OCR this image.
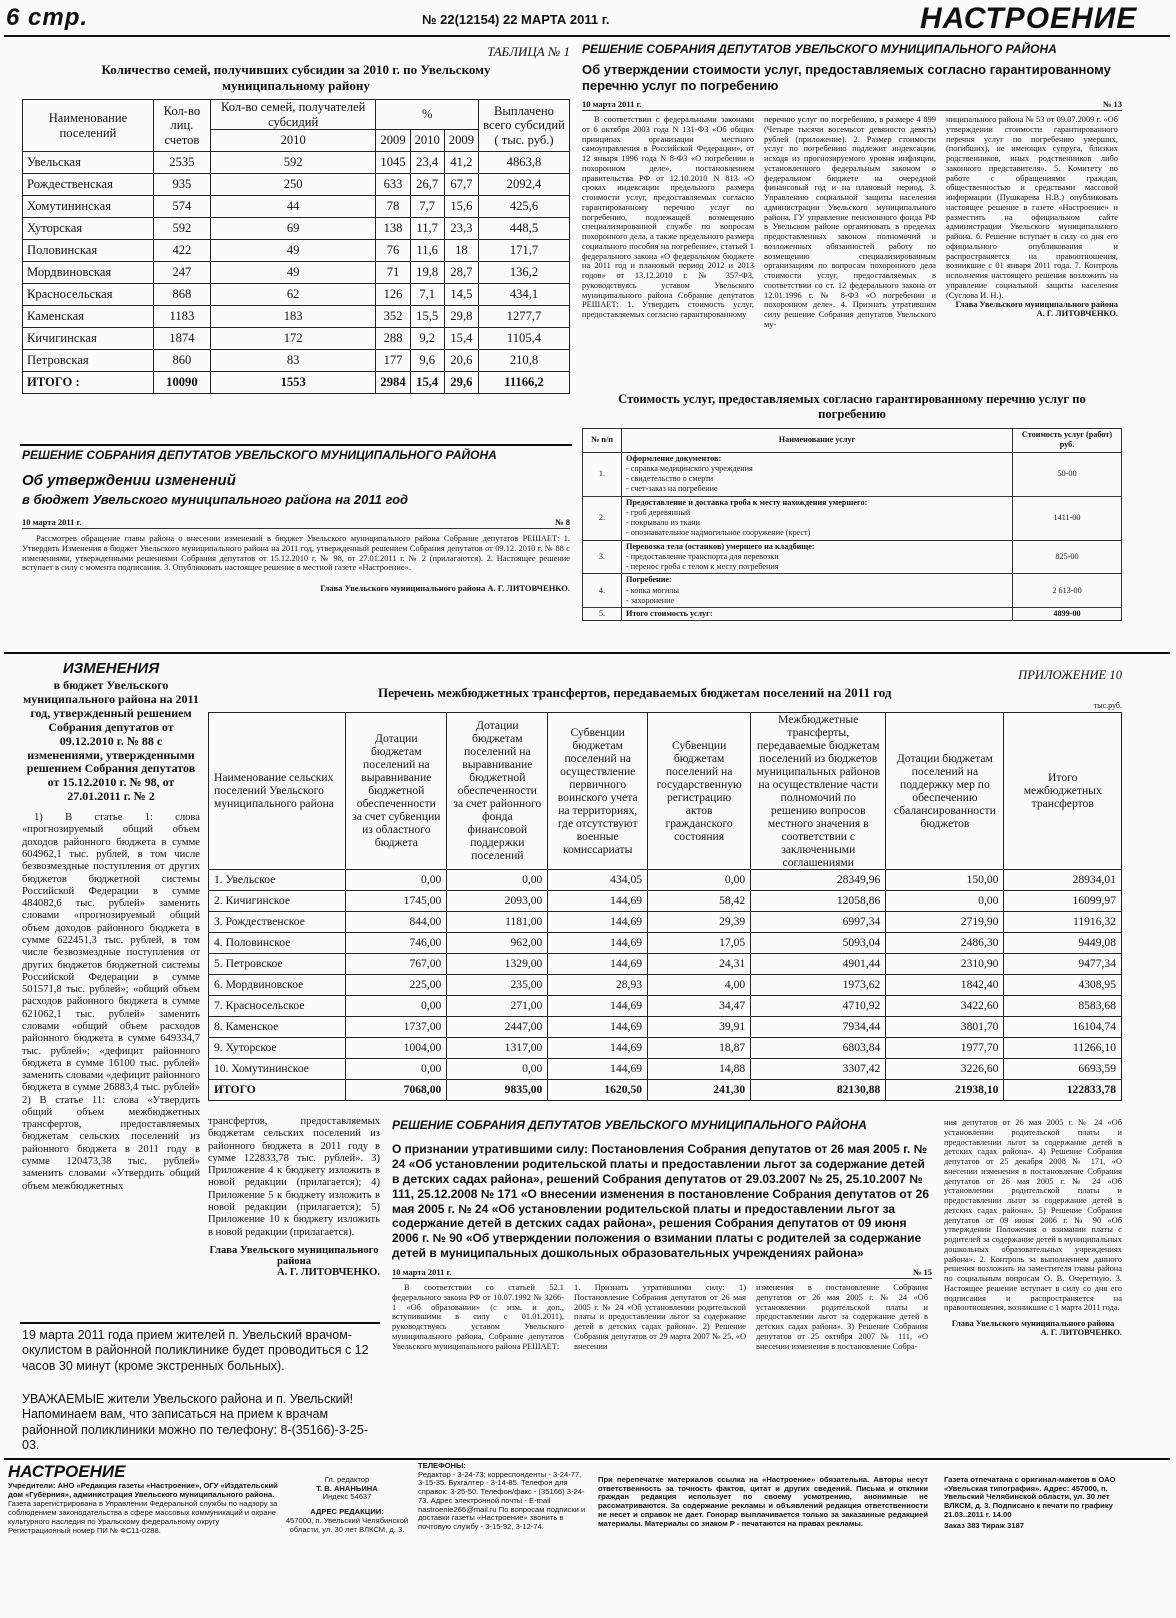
6 стр.	№ 22(12154) 22 МАРТА 2011 г.	НАСТРОЕНИЕ
ТАБЛИЦА № 1
Количество семей, получивших субсидии за 2010 г. по Увельскому муниципальному району
Наименование поселений	Кол-во лиц. счетов	Кол-во семей, получателей субсидий	%			Выплачено всего субсидий ( тыс. руб.)
		2010	2009	2010	2009	
Увельская	2535	592	1045	23,4	41,2	4863,8
Рождественская	935	250	633	26,7	67,7	2092,4
Хомутининская	574	44	78	7,7	15,6	425,6
Хуторская	592	69	138	11,7	23,3	448,5
Половинская	422	49	76	11,6	18	171,7
Мордвиновская	247	49	71	19,8	28,7	136,2
Красносельская	868	62	126	7,1	14,5	434,1
Каменская	1183	183	352	15,5	29,8	1277,7
Кичигинская	1874	172	288	9,2	15,4	1105,4
Петровская	860	83	177	9,6	20,6	210,8
ИТОГО :	10090	1553	2984	15,4	29,6	11166,2
РЕШЕНИЕ СОБРАНИЯ ДЕПУТАТОВ УВЕЛЬСКОГО МУНИЦИПАЛЬНОГО РАЙОНА
Об утверждении изменений
в бюджет Увельского муниципального района на 2011 год
10 марта 2011 г.	№ 8
Рассмотрев обращение главы района о внесении изменений в бюджет Увельского муниципального района Собрание депутатов РЕШАЕТ: 1. Утвердить Изменения в бюджет Увельского муниципального района на 2011 год, утвержденный решением Собрания депутатов от 09.12. 2010 г. № 88 с изменениями, утвержденными решениями Собрания депутатов от 15.12.2010 г. № 98, от 27.01.2011 г. № 2 (прилагаются). 2. Настоящее решение вступает в силу с момента подписания. 3. Опубликовать настоящее решение в местной газете «Настроение».
Глава Увельского муниципального района А. Г. ЛИТОВЧЕНКО.
РЕШЕНИЕ СОБРАНИЯ ДЕПУТАТОВ УВЕЛЬСКОГО МУНИЦИПАЛЬНОГО РАЙОНА
Об утверждении стоимости услуг, предоставляемых согласно гарантированному перечню услуг по погребению
10 марта 2011 г.	№ 13
В соответствии с федеральными законами от 6 октября 2003 года N 131-ФЗ «Об общих принципах организации местного самоуправления в Российской Федерации», от 12 января 1996 года N 8-ФЗ «О погребении и похоронном деле», постановлением правительства РФ от 12.10.2010 N 813 «О сроках индексации предельного размера стоимости услуг, предоставляемых согласно гарантированному перечню услуг по погребению, подлежащей возмещению специализированной службе по вопросам похоронного дела, а также предельного размера социального пособия на погребение», статьей 1 федерального закона «О федеральном бюджете на 2011 год и плановый период 2012 и 2013 годов» от 13.12.2010 г. № 357-ФЗ, руководствуясь уставом Увельского муниципального района Собрание депутатов РЕШАЕТ: 1. Утвердить стоимость услуг, предоставляемых согласно гарантированному
перечню услуг по погребению, в размере 4 899 (Четыре тысячи восемьсот девяносто девять) рублей (приложение). 2. Размер стоимости услуг по погребению подлежит индексации, исходя из прогнозируемого уровня инфляции, установленного федеральным законом о федеральном бюджете на очередной финансовый год и на плановый период. 3. Управлению социальной защиты населения администрации Увельского муниципального района, ГУ управление пенсионного фонда РФ в Увельском районе организовать в пределах предоставленных законом полномочий и возложенных обязанностей работу по возмещению специализированным организациям по вопросам похоронного дела стоимости услуг, предоставляемых в соответствии со ст. 12 федерального закона от 12.01.1996 г. № 8-ФЗ «О погребении и похоронном деле». 4. Признать утратившим силу решение Собрания депутатов Увельского му-
ниципального района № 53 от 09.07.2009 г. «Об утверждении стоимости гарантированного перечня услуг по погребению умерших, (погибших), не имеющих супруга, близких родственников, иных родственников либо законного представителя». 5. Комитету по работе с обращениями граждан, общественностью и средствами массовой информации (Пушкарева Н.В.) опубликовать настоящее решение в газете «Настроение» и разместить на официальном сайте администрации Увельского муниципального района. 6. Решение вступает в силу со дня его официального опубликования и распространяется на правоотношения, возникшие с 01 января 2011 года. 7. Контроль исполнения настоящего решения возложить на управление социальной защиты населения (Суслова И. Н.).
Глава Увельского муниципального района
А. Г. ЛИТОВЧЕНКО.
Стоимость услуг, предоставляемых согласно гарантированному перечню услуг по погребению
№ п/п	Наименование услуг	Стоимость услуг (работ) руб.
1.	Оформление документов:
- справка медицинского учреждения
- свидетельство о смерти
- счет-заказ на погребение	50-00
2.	Предоставление и доставка гроба к месту нахождения умершего:
- гроб деревянный
- покрывало из ткани
- опознавательное надмогильное сооружение (крест)	1411-00
3.	Перевозка тела (останков) умершего на кладбище:
- предоставление транспорта для перевозки
- перенос гроба с телом к месту погребения	825-00
4.	Погребение:
- копка могилы
- захоронение	2 613-00
5.	Итого стоимость услуг:	4899-00
ИЗМЕНЕНИЯ
в бюджет Увельского муниципального района на 2011 год, утвержденный решением Собрания депутатов от 09.12.2010 г. № 88 с изменениями, утвержденными решением Собрания депутатов от 15.12.2010 г. № 98, от 27.01.2011 г. № 2
1) В статье 1: слова «прогнозируемый общий объем доходов районного бюджета в сумме 604962,1 тыс. рублей, в том числе безвозмездные поступления от других бюджетов бюджетной системы Российской Федерации в сумме 484082,6 тыс. рублей» заменить словами «прогнозируемый общий объем доходов районного бюджета в сумме 622451,3 тыс. рублей, в том числе безвозмездные поступления от других бюджетов бюджетной системы Российской Федерации в сумме 501571,8 тыс. рублей»; «общий объем расходов районного бюджета в сумме 621062,1 тыс. рублей» заменить словами «общий объем расходов районного бюджета в сумме 649334,7 тыс. рублей»; «дефицит районного бюджета в сумме 16100 тыс. рублей» заменить словами «дефицит районного бюджета в сумме 26883,4 тыс. рублей» 2) В статье 11: слова «Утвердить общий объем межбюджетных трансфертов, предоставляемых бюджетам сельских поселений из районного бюджета в 2011 году в сумме 120473,38 тыс. рублей» заменить словами «Утвердить общий объем межбюджетных
трансфертов, предоставляемых бюджетам сельских поселений из районного бюджета в 2011 году в сумме 122833,78 тыс. рублей». 3) Приложение 4 к бюджету изложить в новой редакции (прилагается); 4) Приложение 5 к бюджету изложить в новой редакции (прилагается); 5) Приложение 10 к бюджету изложить в новой редакции (прилагается).
Глава Увельского муниципального района
А. Г. ЛИТОВЧЕНКО.
ПРИЛОЖЕНИЕ 10
Перечень межбюджетных трансфертов, передаваемых бюджетам поселений на 2011 год
тыс.руб.
Наименование сельских поселений Увельского муниципального района	Дотации бюджетам поселений на выравнивание бюджетной обеспеченности за счет субвенции из областного бюджета	Дотации бюджетам поселений на выравнивание бюджетной обеспеченности за счет районного фонда финансовой поддержки поселений	Субвенции бюджетам поселений на осуществление первичного воинского учета на территориях, где отсутствуют военные комиссариаты	Субвенции бюджетам поселений на государственную регистрацию актов гражданского состояния	Межбюджетные трансферты, передаваемые бюджетам поселений из бюджетов муниципальных районов на осуществление части полномочий по решению вопросов местного значения в соответствии с заключенными соглашениями	Дотации бюджетам поселений на поддержку мер по обеспечению сбалансированности бюджетов	Итого межбюджетных трансфертов
1. Увельское	0,00	0,00	434,05	0,00	28349,96	150,00	28934,01
2. Кичигинское	1745,00	2093,00	144,69	58,42	12058,86	0,00	16099,97
3. Рождественское	844,00	1181,00	144,69	29,39	6997,34	2719,90	11916,32
4. Половинское	746,00	962,00	144,69	17,05	5093,04	2486,30	9449,08
5. Петровское	767,00	1329,00	144,69	24,31	4901,44	2310,90	9477,34
6. Мордвиновское	225,00	235,00	28,93	4,00	1973,62	1842,40	4308,95
7. Красносельское	0,00	271,00	144,69	34,47	4710,92	3422,60	8583,68
8. Каменское	1737,00	2447,00	144,69	39,91	7934,44	3801,70	16104,74
9. Хуторское	1004,00	1317,00	144,69	18,87	6803,84	1977,70	11266,10
10. Хомутининское	0,00	0,00	144,69	14,88	3307,42	3226,60	6693,59
ИТОГО	7068,00	9835,00	1620,50	241,30	82130,88	21938,10	122833,78
РЕШЕНИЕ СОБРАНИЯ ДЕПУТАТОВ УВЕЛЬСКОГО МУНИЦИПАЛЬНОГО РАЙОНА
О признании утратившими силу: Постановления Собрания депутатов от 26 мая 2005 г. № 24 «Об установлении родительской платы и предоставлении льгот за содержание детей в детских садах района», решений Собрания депутатов от 29.03.2007 № 25, 25.10.2007 № 111, 25.12.2008 № 171 «О внесении изменения в постановление Собрания депутатов от 26 мая 2005 г. № 24 «Об установлении родительской платы и предоставлении льгот за содержание детей в детских садах района», решения Собрания депутатов от 09 июня 2006 г. № 90 «Об утверждении положения о взимании платы с родителей за содержание детей в муниципальных дошкольных образовательных учреждениях района»
10 марта 2011 г.	№ 15
В соответствии со статьей 52.1 федерального закона РФ от 10.07.1992 № 3266-1 «Об образовании» (с изм. и доп., вступившими в силу с 01.01.2011), руководствуясь уставом Увельского муниципального района, Собрание депутатов Увельского муниципального района РЕШАЕТ:
1. Признать утратившими силу: 1) Постановление Собрания депутатов от 26 мая 2005 г. № 24 «Об установлении родительской платы и предоставлении льгот за содержание детей в детских садах района». 2) Решение Собрания депутатов от 29 марта 2007 № 25, «О внесении
изменения в постановление Собрания депутатов от 26 мая 2005 г. № 24 «Об установлении родительской платы и предоставлении льгот за содержание детей в детских садах района». 3) Решение Собрания депутатов от 25 октября 2007 № 111, «О внесении изменения в постановление Собра-
ния депутатов от 26 мая 2005 г. № 24 «Об установлении родительской платы и предоставлении льгот за содержание детей в детских садах района». 4) Решение Собрания депутатов от 25 декабря 2008 № 171, «О внесении изменения в постановление Собрания депутатов от 26 мая 2005 г. № 24 «Об установлении родительской платы и предоставлении льгот за содержание детей в детских садах района». 5) Решение Собрания депутатов от 09 июня 2006 г. № 90 «Об утверждении Положения о взимании платы с родителей за содержание детей в муниципальных дошкольных образовательных учреждениях района». 2. Контроль за выполнением данного решения возложить на заместителя главы района по социальным вопросам О. В. Очеретную. 3. Настоящее решение вступает в силу со дня его подписания и распространяется на правоотношения, возникшие с 1 марта 2011 года.
Глава Увельского муниципального района
А. Г. ЛИТОВЧЕНКО.
19 марта 2011 года прием жителей п. Увельский врачом-окулистом в районной поликлинике будет проводиться с 12 часов 30 минут (кроме экстренных больных).
УВАЖАЕМЫЕ жители Увельского района и п. Увельский! Напоминаем вам, что записаться на прием к врачам районной поликлиники можно по телефону: 8-(35166)-3-25-03.
НАСТРОЕНИЕ
Учредители: АНО «Редакция газеты «Настроение», ОГУ «Издательский дом «Губерния», администрация Увельского муниципального района.
Газета зарегистрирована в Управлении Федеральной службы по надзору за соблюдением законодательства в сфере массовых коммуникаций и охране культурного наследия по Уральскому федеральному округу
Регистрационный номер ПИ № ФС11-0288.
Гл. редактор
Т. В. АНАНЬИНА
Индекс 54637
АДРЕС РЕДАКЦИИ:
457000, п. Увельский Челябинской области, ул. 30 лет ВЛКСМ, д. 3.
ТЕЛЕФОНЫ:
Редактор - 3-24-73; корреспонденты - 3-24-77, 3-15-35. Бухгалтер - 3-14-85. Телефон для справок: 3-25-50. Телефон/факс - (35166) 3-24-73. Адрес электронной почты - E-mail nastroenie266@mail.ru По вопросам подписки и доставки газеты «Настроение» звонить в почтовую службу - 3-15-92, 3-12-74.
При перепечатке материалов ссылка на «Настроение» обязательна. Авторы несут ответственность за точность фактов, цитат и других сведений. Письма и отклики граждан редакция использует по своему усмотрению, анонимные не рассматриваются. За содержание рекламы и объявлений редакция ответственности не несет и справок не дает. Гонорар выплачивается только за заказанные редакцией материалы. Материалы со знаком Р - печатаются на правах рекламы.
Газета отпечатана с оригинал-макетов в ОАО «Увельская типография». Адрес: 457000, п. Увельский Челябинской области, ул. 30 лет ВЛКСМ, д. 3. Подписано к печати по графику 21.03..2011 г. 14.00
Заказ 383 Тираж 3187
